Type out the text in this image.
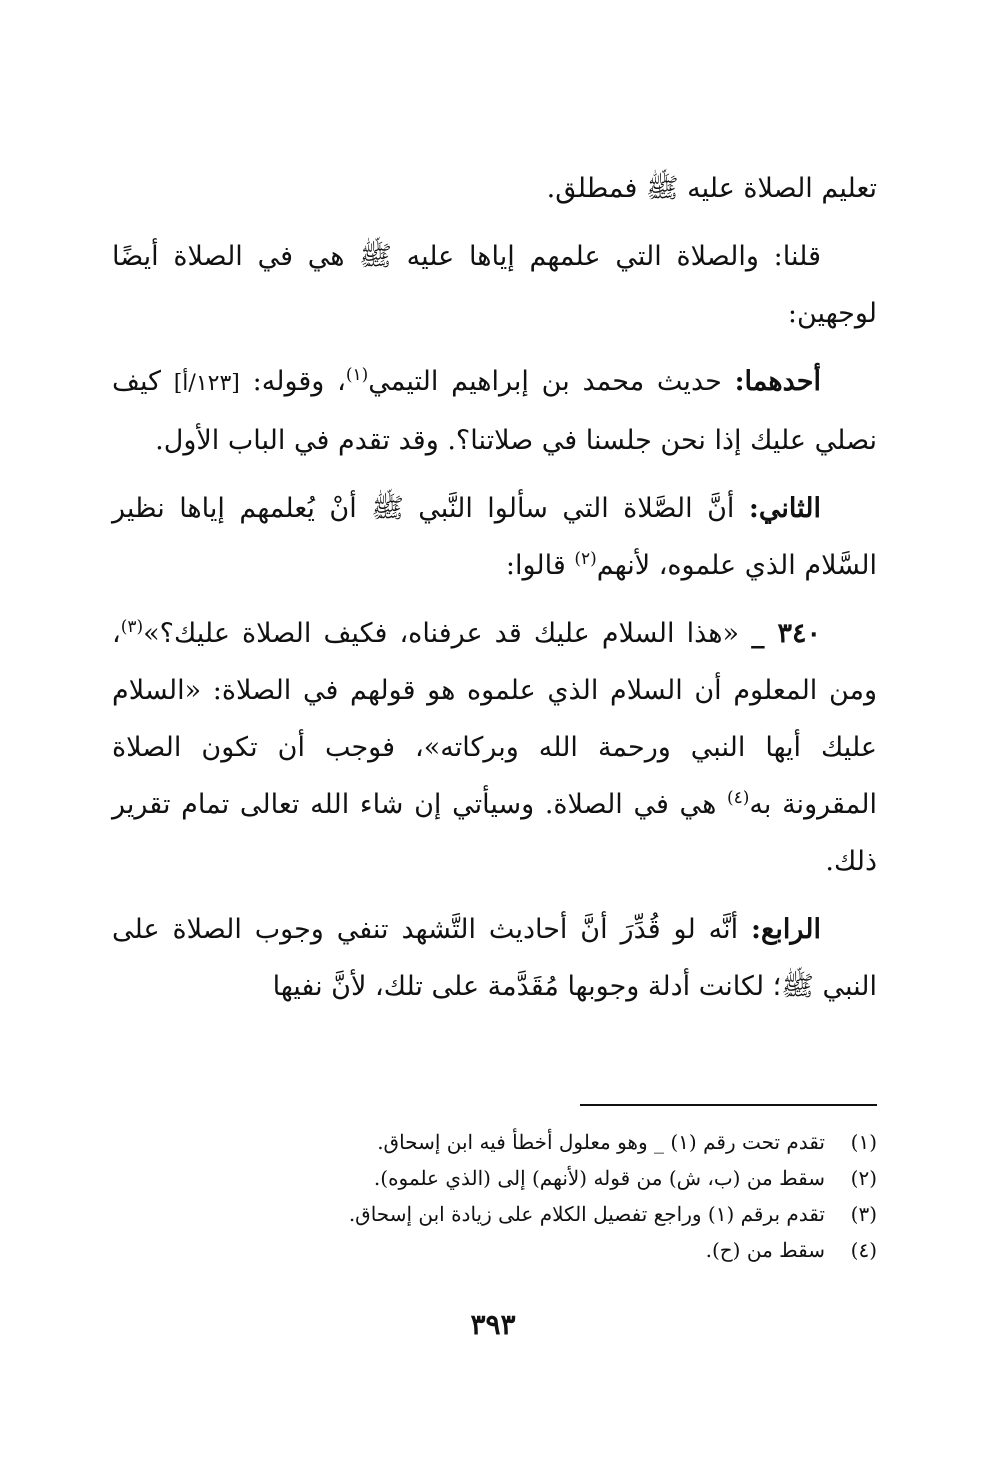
تعليم الصلاة عليه ﷺ فمطلق.

قلنا: والصلاة التي علمهم إياها عليه ﷺ هي في الصلاة أيضًا لوجهين:

أحدهما: حديث محمد بن إبراهيم التيمي$^{(١)}$، وقوله: [١٢٣/أ] كيف نصلي عليك إذا نحن جلسنا في صلاتنا؟. وقد تقدم في الباب الأول.

الثاني: أنَّ الصَّلاة التي سألوا النَّبي ﷺ أنْ يُعلمهم إياها نظير السَّلام الذي علموه، لأنهم$^{(٢)}$ قالوا:

٣٤٠ _ «هذا السلام عليك قد عرفناه، فكيف الصلاة عليك؟»$^{(٣)}$، ومن المعلوم أن السلام الذي علموه هو قولهم في الصلاة: «السلام عليك أيها النبي ورحمة الله وبركاته»، فوجب أن تكون الصلاة المقرونة به$^{(٤)}$ هي في الصلاة. وسيأتي إن شاء الله تعالى تمام تقرير ذلك.

الرابع: أنَّه لو قُدِّرَ أنَّ أحاديث التَّشهد تنفي وجوب الصلاة على النبي ﷺ؛ لكانت أدلة وجوبها مُقَدَّمة على تلك، لأنَّ نفيها

(١)
تقدم تحت رقم (١) _ وهو معلول أخطأ فيه ابن إسحاق.
(٢)
سقط من (ب، ش) من قوله (لأنهم) إلى (الذي علموه).
(٣)
تقدم برقم (١) وراجع تفصيل الكلام على زيادة ابن إسحاق.
(٤)
سقط من (ح).
٣٩٣
